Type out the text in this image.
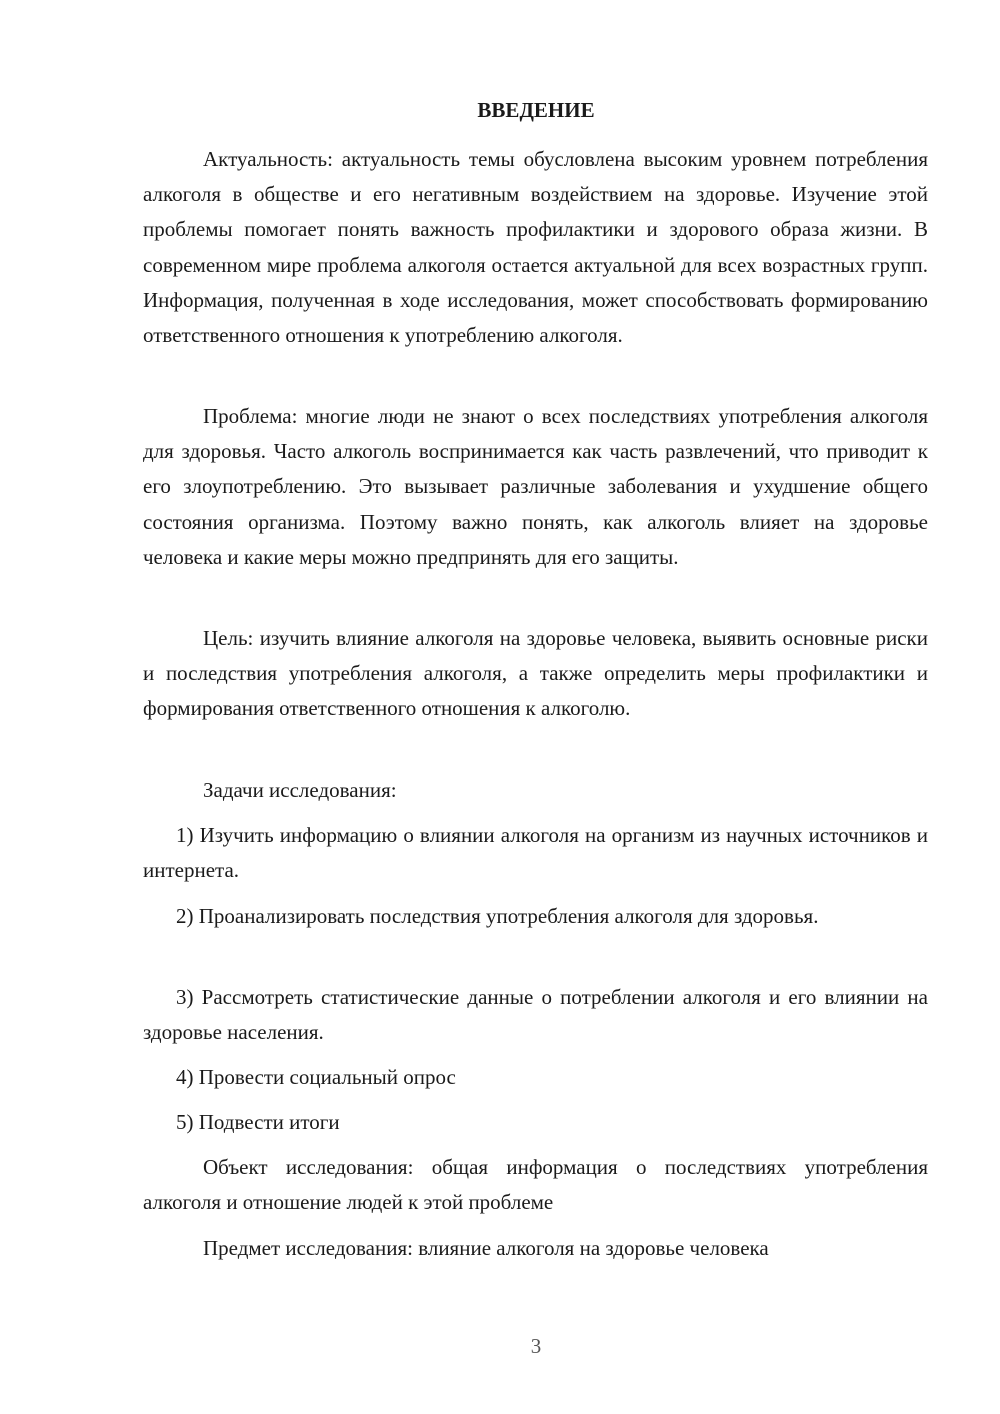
ВВЕДЕНИЕ

Актуальность: актуальность темы обусловлена высоким уровнем потребления алкоголя в обществе и его негативным воздействием на здоровье. Изучение этой проблемы помогает понять важность профилактики и здорового образа жизни. В современном мире проблема алкоголя остается актуальной для всех возрастных групп. Информация, полученная в ходе исследования, может способствовать формированию ответственного отношения к употреблению алкоголя.

Проблема: многие люди не знают о всех последствиях употребления алкоголя для здоровья. Часто алкоголь воспринимается как часть развлечений, что приводит к его злоупотреблению. Это вызывает различные заболевания и ухудшение общего состояния организма. Поэтому важно понять, как алкоголь влияет на здоровье человека и какие меры можно предпринять для его защиты.

Цель: изучить влияние алкоголя на здоровье человека, выявить основные риски и последствия употребления алкоголя, а также определить меры профилактики и формирования ответственного отношения к алкоголю.

Задачи исследования:

1) Изучить информацию о влиянии алкоголя на организм из научных источников и интернета.

2) Проанализировать последствия употребления алкоголя для здоровья.

3) Рассмотреть статистические данные о потреблении алкоголя и его влиянии на здоровье населения.

4) Провести социальный опрос

5) Подвести итоги

Объект исследования: общая информация о последствиях употребления алкоголя и отношение людей к этой проблеме

Предмет исследования: влияние алкоголя на здоровье человека

3
